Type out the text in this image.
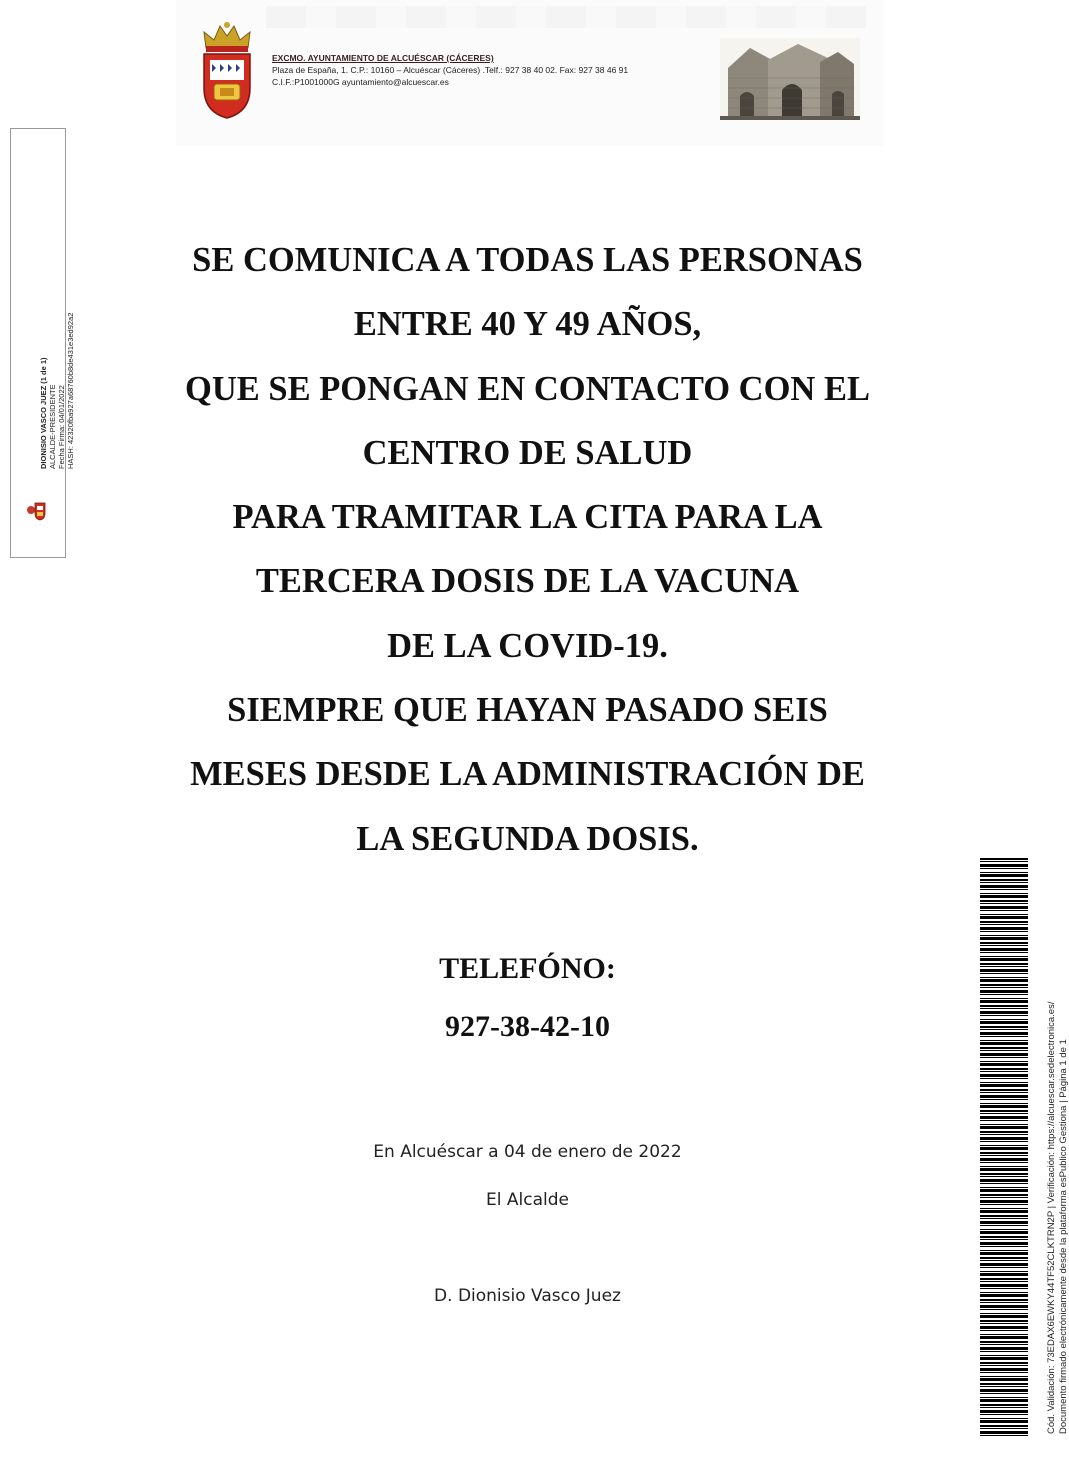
EXCMO. AYUNTAMIENTO DE ALCUÉSCAR (CÁCERES)
Plaza de España, 1. C.P.: 10160 – Alcuéscar (Cáceres) .Telf.: 927 38 40 02. Fax: 927 38 46 91
C.I.F.:P1001000G ayuntamiento@alcuescar.es
DIONISIO VASCO JUEZ (1 de 1) ALCALDE-PRESIDENTE Fecha Firma: 04/01/2022 HASH: 42320fba927a68760b8de431e3ed92a2
SE COMUNICA A TODAS LAS PERSONAS
ENTRE 40 Y 49 AÑOS,
QUE SE PONGAN EN CONTACTO CON EL
CENTRO DE SALUD
PARA TRAMITAR LA CITA PARA LA
TERCERA DOSIS DE LA VACUNA
DE LA COVID-19.
SIEMPRE QUE HAYAN PASADO SEIS
MESES DESDE LA ADMINISTRACIÓN DE
LA SEGUNDA DOSIS.
TELEFÓNO:
927-38-42-10
En Alcuéscar a 04 de enero de 2022
El Alcalde
D. Dionisio Vasco Juez	Cód. Validación: 73EDAX6EWKY44TF52CLKTRN2P | Verificación: https://alcuescar.sedelectronica.es/ Documento firmado electrónicamente desde la plataforma esPublico Gestiona | Página 1 de 1
